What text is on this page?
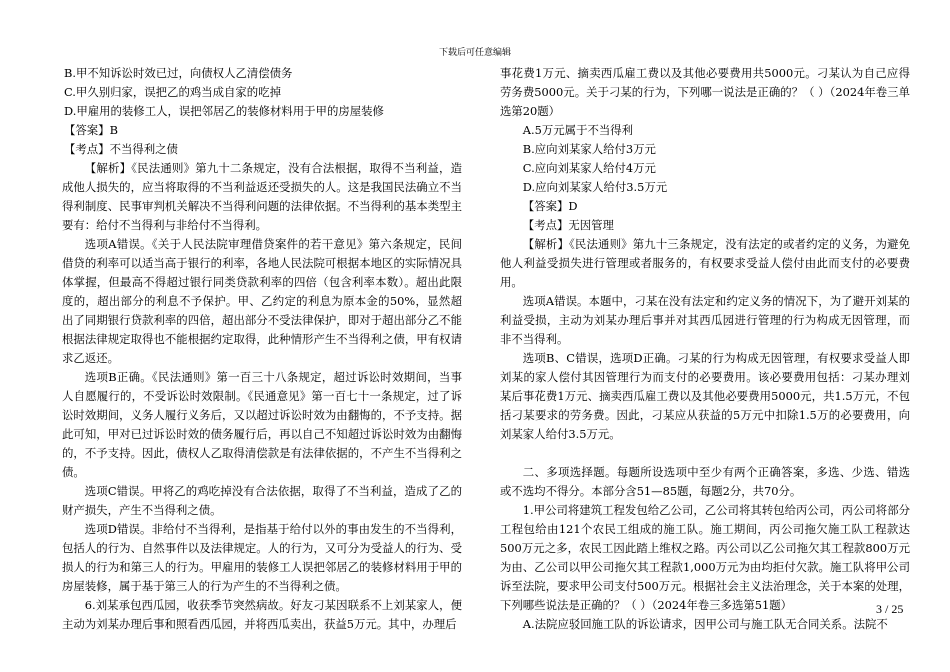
下载后可任意编辑

B.甲不知诉讼时效已过，向债权人乙清偿债务

C.甲久别归家，误把乙的鸡当成自家的吃掉

D.甲雇用的装修工人，误把邻居乙的装修材料用于甲的房屋装修

【答案】B

【考点】不当得利之债

【解析】《民法通则》第九十二条规定，没有合法根据，取得不当利益，造成他人损失的，应当将取得的不当利益返还受损失的人。这是我国民法确立不当得利制度、民事审判机关解决不当得利问题的法律依据。不当得利的基本类型主要有：给付不当得利与非给付不当得利。

选项A错误。《关于人民法院审理借贷案件的若干意见》第六条规定，民间借贷的利率可以适当高于银行的利率，各地人民法院可根据本地区的实际情况具体掌握，但最高不得超过银行同类贷款利率的四倍（包含利率本数）。超出此限度的，超出部分的利息不予保护。甲、乙约定的利息为原本金的50%，显然超出了同期银行贷款利率的四倍，超出部分不受法律保护，即对于超出部分乙不能根据法律规定取得也不能根据约定取得，此种情形产生不当得利之债，甲有权请求乙返还。

选项B正确。《民法通则》第一百三十八条规定，超过诉讼时效期间，当事人自愿履行的，不受诉讼时效限制。《民通意见》第一百七十一条规定，过了诉讼时效期间，义务人履行义务后，又以超过诉讼时效为由翻悔的，不予支持。据此可知，甲对已过诉讼时效的债务履行后，再以自己不知超过诉讼时效为由翻悔的，不予支持。因此，债权人乙取得清偿款是有法律依据的，不产生不当得利之债。

选项C错误。甲将乙的鸡吃掉没有合法依据，取得了不当利益，造成了乙的财产损失，产生不当得利之债。

选项D错误。非给付不当得利，是指基于给付以外的事由发生的不当得利，包括人的行为、自然事件以及法律规定。人的行为，又可分为受益人的行为、受损人的行为和第三人的行为。甲雇用的装修工人误把邻居乙的装修材料用于甲的房屋装修，属于基于第三人的行为产生的不当得利之债。

6.刘某承包西瓜园，收获季节突然病故。好友刁某因联系不上刘某家人，便主动为刘某办理后事和照看西瓜园，并将西瓜卖出，获益5万元。其中，办理后

事花费1万元、摘卖西瓜雇工费以及其他必要费用共5000元。刁某认为自己应得劳务费5000元。关于刁某的行为，下列哪一说法是正确的？（ ）（2024年卷三单选第20题）

A.5万元属于不当得利

B.应向刘某家人给付3万元

C.应向刘某家人给付4万元

D.应向刘某家人给付3.5万元

【答案】D

【考点】无因管理

【解析】《民法通则》第九十三条规定，没有法定的或者约定的义务，为避免他人利益受损失进行管理或者服务的，有权要求受益人偿付由此而支付的必要费用。

选项A错误。本题中，刁某在没有法定和约定义务的情况下，为了避开刘某的利益受损，主动为刘某办理后事并对其西瓜园进行管理的行为构成无因管理，而非不当得利。

选项B、C错误，选项D正确。刁某的行为构成无因管理，有权要求受益人即刘某的家人偿付其因管理行为而支付的必要费用。该必要费用包括：刁某办理刘某后事花费1万元、摘卖西瓜雇工费以及其他必要费用5000元，共1.5万元，不包括刁某要求的劳务费。因此，刁某应从获益的5万元中扣除1.5万的必要费用，向刘某家人给付3.5万元。

二、多项选择题。每题所设选项中至少有两个正确答案，多选、少选、错选或不选均不得分。本部分含51—85题，每题2分，共70分。

1.甲公司将建筑工程发包给乙公司，乙公司将其转包给丙公司，丙公司将部分工程包给由121个农民工组成的施工队。施工期间，丙公司拖欠施工队工程款达500万元之多，农民工因此踏上维权之路。丙公司以乙公司拖欠其工程款800万元为由、乙公司以甲公司拖欠其工程款1,000万元为由均拒付欠款。施工队将甲公司诉至法院，要求甲公司支付500万元。根据社会主义法治理念，关于本案的处理，下列哪些说法是正确的？（ ）（2024年卷三多选第51题）

A.法院应驳回施工队的诉讼请求，因甲公司与施工队无合同关系。法院不

3 / 25
